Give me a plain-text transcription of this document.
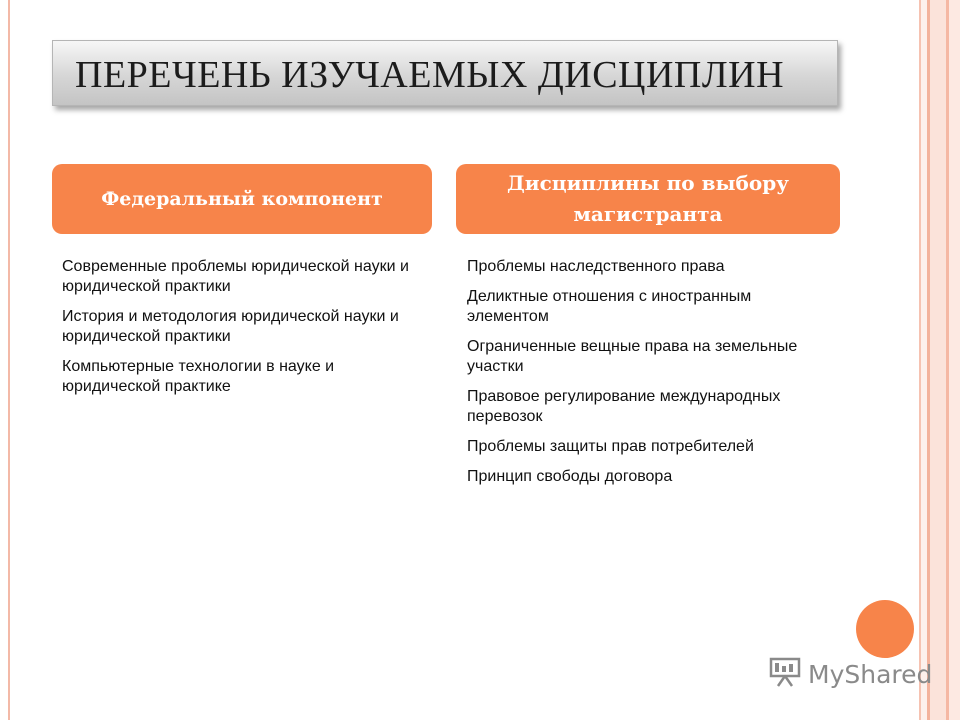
ПЕРЕЧЕНЬ ИЗУЧАЕМЫХ ДИСЦИПЛИН
Федеральный компонент
Дисциплины по выбору магистранта
Современные проблемы юридической науки и юридической практики
История и методология юридической науки и юридической практики
Компьютерные технологии в науке и юридической практике
Проблемы наследственного права
Деликтные отношения с иностранным элементом
Ограниченные вещные права на земельные участки
Правовое регулирование международных перевозок
Проблемы защиты прав потребителей
Принцип свободы договора
MyShared
